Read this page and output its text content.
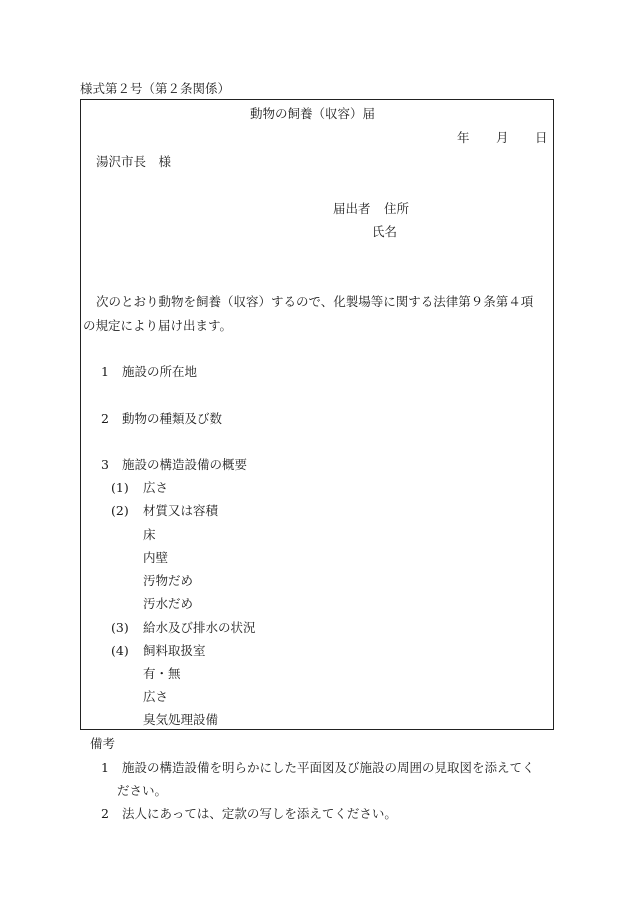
様式第２号（第２条関係）
動物の飼養（収容）届
年 月 日
湯沢市長　様
届出者 住所
氏名
次のとおり動物を飼養（収容）するので、化製場等に関する法律第９条第４項
の規定により届け出ます。
1 施設の所在地
2 動物の種類及び数
3 施設の構造設備の概要
(1) 広さ
(2) 材質又は容積
床
内壁
汚物だめ
汚水だめ
(3) 給水及び排水の状況
(4) 飼料取扱室
有・無
広さ
臭気処理設備
備考
1 施設の構造設備を明らかにした平面図及び施設の周囲の見取図を添えてく
ださい。
2 法人にあっては、定款の写しを添えてください。
